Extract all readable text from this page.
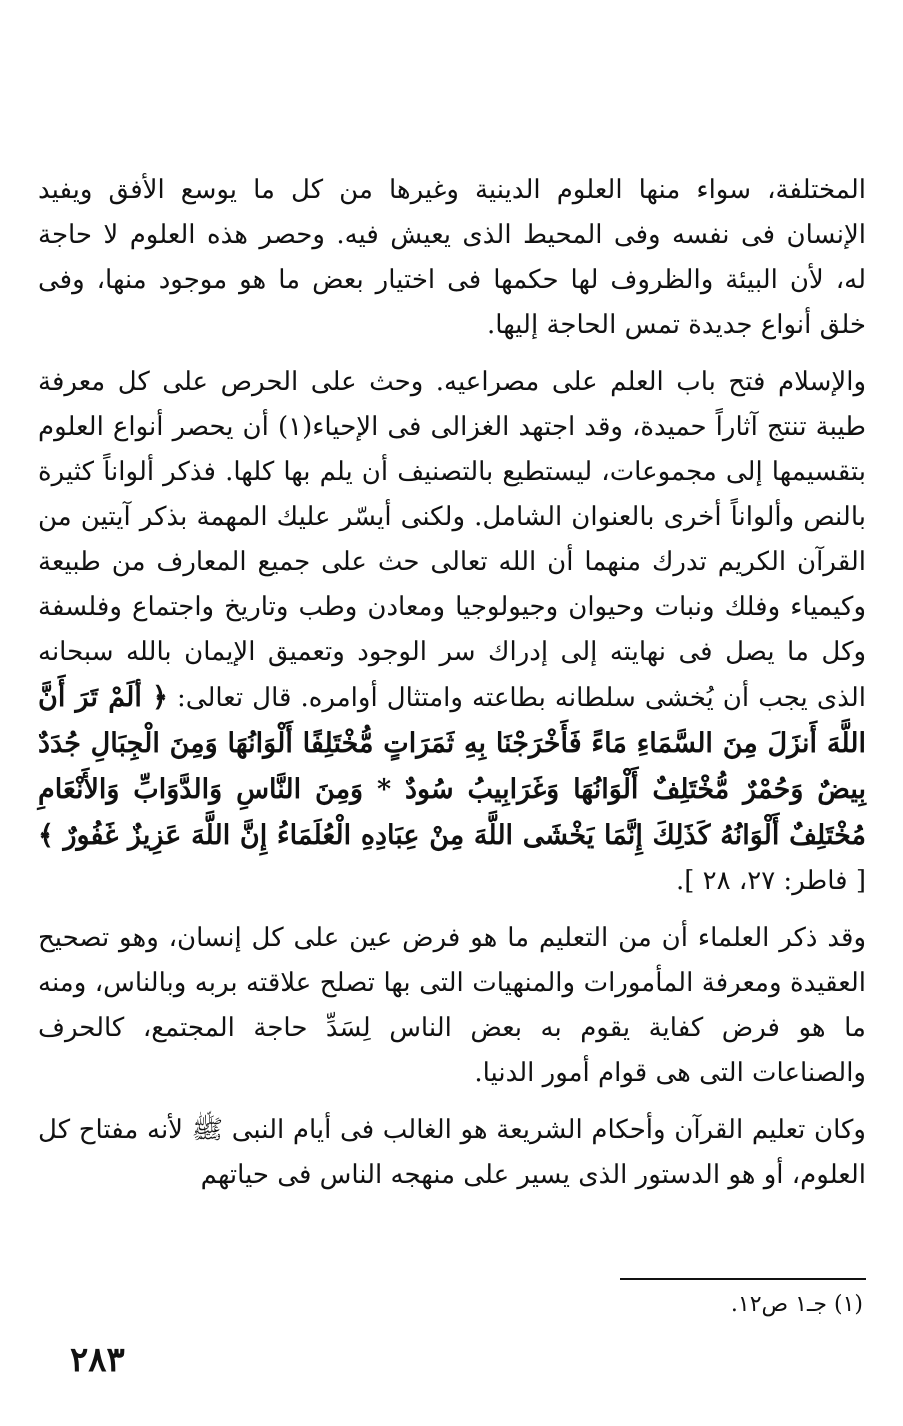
المختلفة، سواء منها العلوم الدينية وغيرها من كل ما يوسع الأفق ويفيد الإنسان فى نفسه وفى المحيط الذى يعيش فيه. وحصر هذه العلوم لا حاجة له، لأن البيئة والظروف لها حكمها فى اختيار بعض ما هو موجود منها، وفى خلق أنواع جديدة تمس الحاجة إليها.

والإسلام فتح باب العلم على مصراعيه. وحث على الحرص على كل معرفة طيبة تنتج آثاراً حميدة، وقد اجتهد الغزالى فى الإحياء(١) أن يحصر أنواع العلوم بتقسيمها إلى مجموعات، ليستطيع بالتصنيف أن يلم بها كلها. فذكر ألواناً كثيرة بالنص وألواناً أخرى بالعنوان الشامل. ولكنى أيسّر عليك المهمة بذكر آيتين من القرآن الكريم تدرك منهما أن الله تعالى حث على جميع المعارف من طبيعة وكيمياء وفلك ونبات وحيوان وجيولوجيا ومعادن وطب وتاريخ واجتماع وفلسفة وكل ما يصل فى نهايته إلى إدراك سر الوجود وتعميق الإيمان بالله سبحانه الذى يجب أن يُخشى سلطانه بطاعته وامتثال أوامره. قال تعالى: ﴿ ألَمْ تَرَ أَنَّ اللَّهَ أَنزَلَ مِنَ السَّمَاءِ مَاءً فَأَخْرَجْنَا بِهِ ثَمَرَاتٍ مُّخْتَلِفًا أَلْوَانُهَا وَمِنَ الْجِبَالِ جُدَدٌ بِيضٌ وَحُمْرٌ مُّخْتَلِفٌ أَلْوَانُهَا وَغَرَابِيبُ سُودٌ * وَمِنَ النَّاسِ وَالدَّوَابِّ وَالأَنْعَامِ مُخْتَلِفٌ أَلْوَانُهُ كَذَلِكَ إِنَّمَا يَخْشَى اللَّهَ مِنْ عِبَادِهِ الْعُلَمَاءُ إِنَّ اللَّهَ عَزِيزٌ غَفُورٌ ﴾ [ فاطر: ٢٧، ٢٨ ].

وقد ذكر العلماء أن من التعليم ما هو فرض عين على كل إنسان، وهو تصحيح العقيدة ومعرفة المأمورات والمنهيات التى بها تصلح علاقته بربه وبالناس، ومنه ما هو فرض كفاية يقوم به بعض الناس لِسَدِّ حاجة المجتمع، كالحرف والصناعات التى هى قوام أمور الدنيا.

وكان تعليم القرآن وأحكام الشريعة هو الغالب فى أيام النبى ﷺ لأنه مفتاح كل العلوم، أو هو الدستور الذى يسير على منهجه الناس فى حياتهم

(١) جـ١ ص١٢.
٢٨٣
